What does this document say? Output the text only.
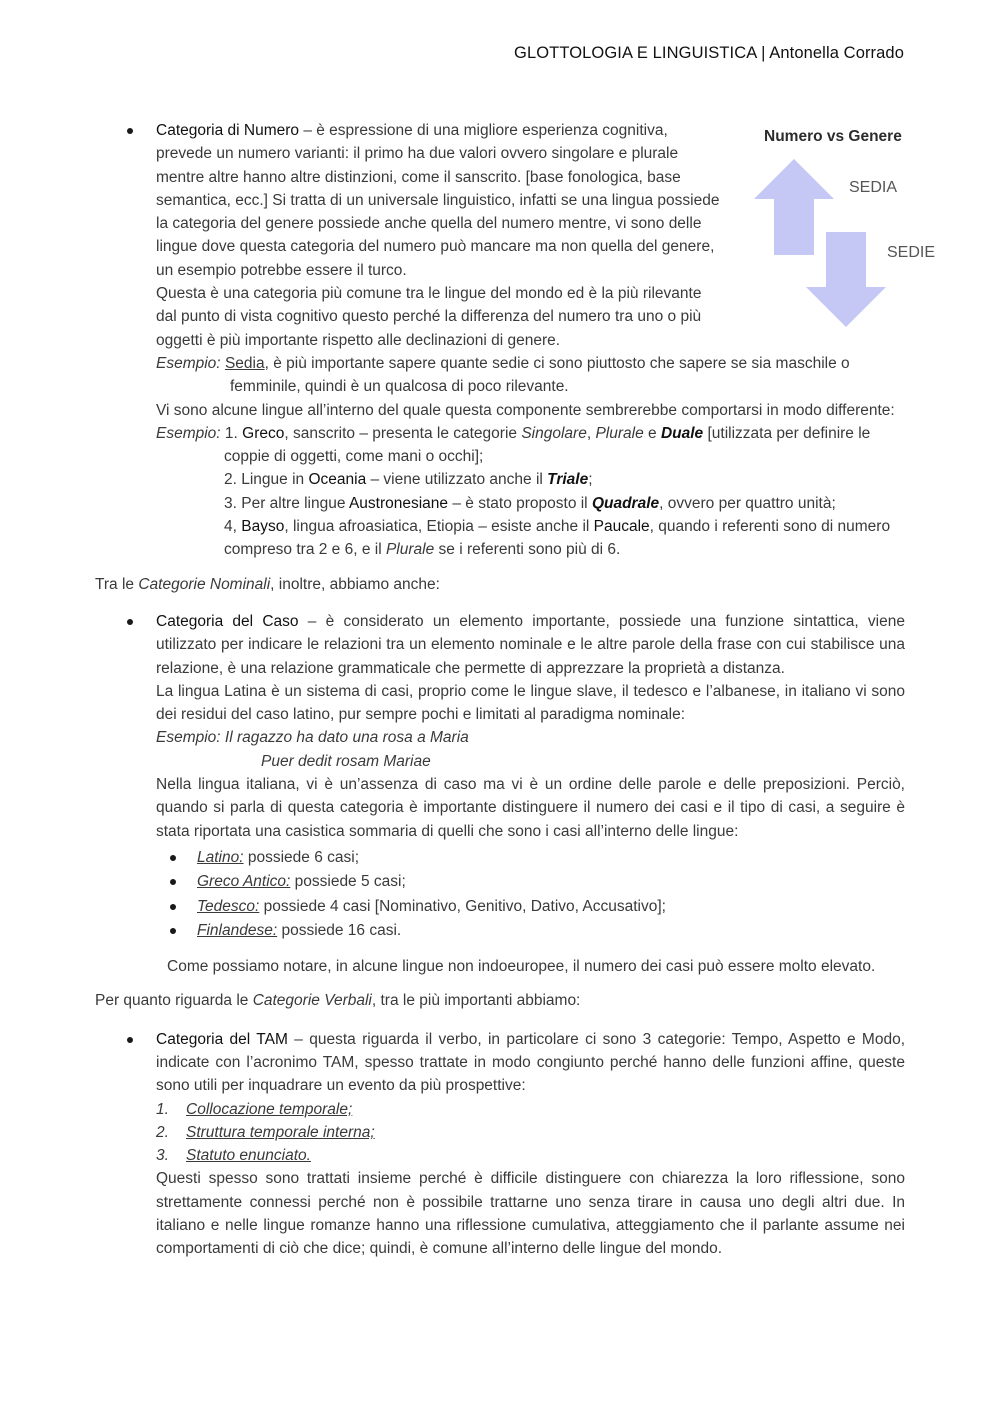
GLOTTOLOGIA E LINGUISTICA | Antonella Corrado
Numero vs Genere
SEDIA
SEDIE

Categoria di Numero – è espressione di una migliore esperienza cognitiva,

prevede un numero varianti: il primo ha due valori ovvero singolare e plurale

mentre altre hanno altre distinzioni, come il sanscrito. [base fonologica, base

semantica, ecc.] Si tratta di un universale linguistico, infatti se una lingua possiede

la categoria del genere possiede anche quella del numero mentre, vi sono delle

lingue dove questa categoria del numero può mancare ma non quella del genere,

un esempio potrebbe essere il turco.

Questa è una categoria più comune tra le lingue del mondo ed è la più rilevante

dal punto di vista cognitivo questo perché la differenza del numero tra uno o più

oggetti è più importante rispetto alle declinazioni di genere.

Esempio: Sedia, è più importante sapere quante sedie ci sono piuttosto che sapere se sia maschile o

femminile, quindi è un qualcosa di poco rilevante.

Vi sono alcune lingue all’interno del quale questa componente sembrerebbe comportarsi in modo differente:

Esempio: 1. Greco, sanscrito – presenta le categorie Singolare, Plurale e Duale [utilizzata per definire le

coppie di oggetti, come mani o occhi];

2. Lingue in Oceania – viene utilizzato anche il Triale;

3. Per altre lingue Austronesiane – è stato proposto il Quadrale, ovvero per quattro unità;

4, Bayso, lingua afroasiatica, Etiopia – esiste anche il Paucale, quando i referenti sono di numero

compreso tra 2 e 6, e il Plurale se i referenti sono più di 6.

Tra le Categorie Nominali, inoltre, abbiamo anche:

Categoria del Caso – è considerato un elemento importante, possiede una funzione sintattica, viene utilizzato per indicare le relazioni tra un elemento nominale e le altre parole della frase con cui stabilisce una relazione, è una relazione grammaticale che permette di apprezzare la proprietà a distanza.

La lingua Latina è un sistema di casi, proprio come le lingue slave, il tedesco e l’albanese, in italiano vi sono dei residui del caso latino, pur sempre pochi e limitati al paradigma nominale:

Esempio: Il ragazzo ha dato una rosa a Maria

Puer dedit rosam Mariae

Nella lingua italiana, vi è un’assenza di caso ma vi è un ordine delle parole e delle preposizioni. Perciò, quando si parla di questa categoria è importante distinguere il numero dei casi e il tipo di casi, a seguire è stata riportata una casistica sommaria di quelli che sono i casi all’interno delle lingue:

Latino: possiede 6 casi;
Greco Antico: possiede 5 casi;
Tedesco: possiede 4 casi [Nominativo, Genitivo, Dativo, Accusativo];
Finlandese: possiede 16 casi.

Come possiamo notare, in alcune lingue non indoeuropee, il numero dei casi può essere molto elevato.

Per quanto riguarda le Categorie Verbali, tra le più importanti abbiamo:

Categoria del TAM – questa riguarda il verbo, in particolare ci sono 3 categorie: Tempo, Aspetto e Modo, indicate con l’acronimo TAM, spesso trattate in modo congiunto perché hanno delle funzioni affine, queste sono utili per inquadrare un evento da più prospettive:

1. Collocazione temporale;

2. Struttura temporale interna;

3. Statuto enunciato.

Questi spesso sono trattati insieme perché è difficile distinguere con chiarezza la loro riflessione, sono strettamente connessi perché non è possibile trattarne uno senza tirare in causa uno degli altri due. In italiano e nelle lingue romanze hanno una riflessione cumulativa, atteggiamento che il parlante assume nei comportamenti di ciò che dice; quindi, è comune all’interno delle lingue del mondo.
